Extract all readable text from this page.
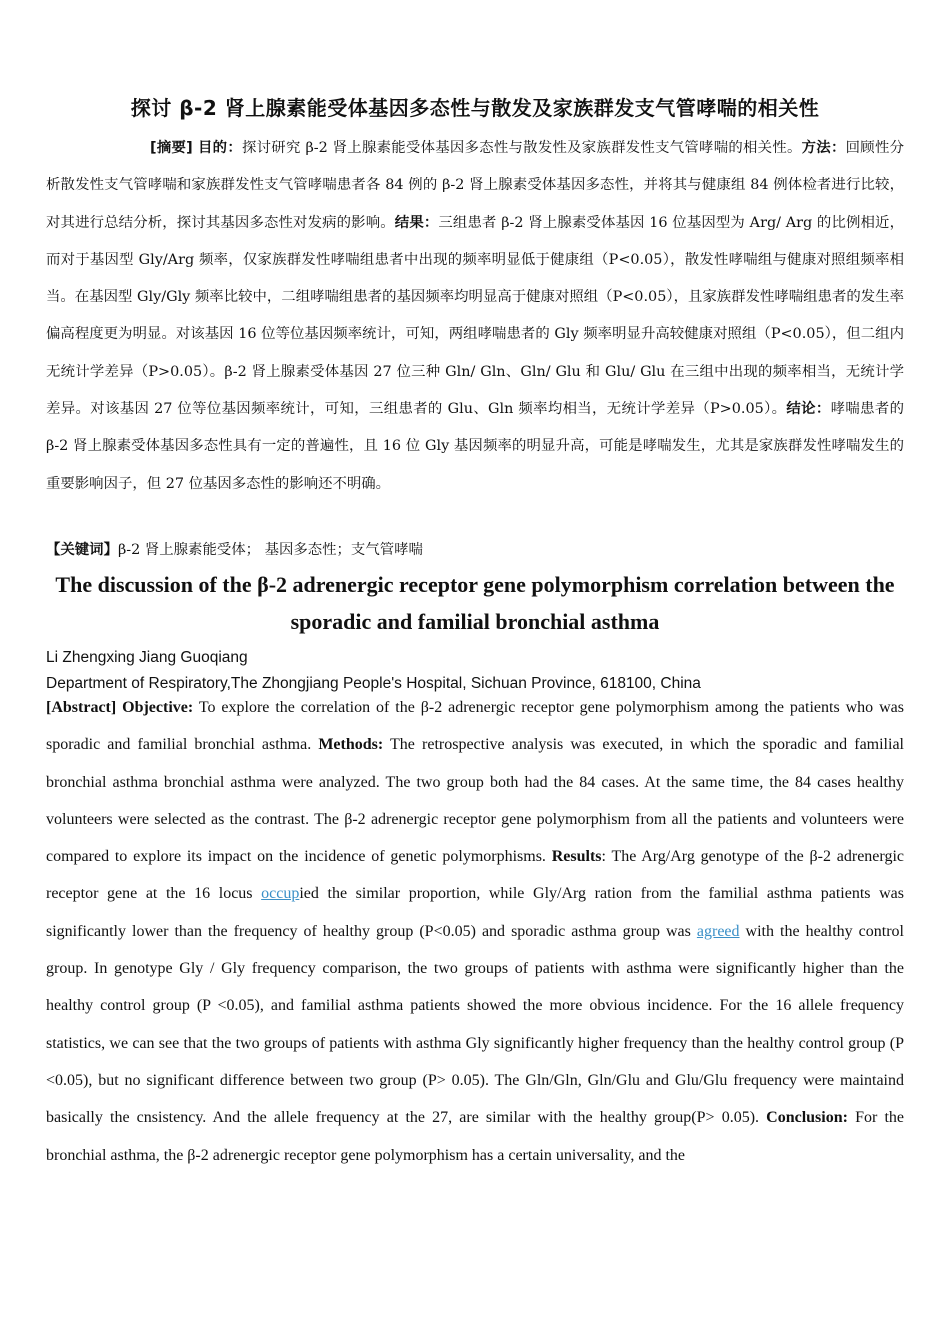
探讨 β-2 肾上腺素能受体基因多态性与散发及家族群发支气管哮喘的相关性
[摘要] 目的：探讨研究 β-2 肾上腺素能受体基因多态性与散发性及家族群发性支气管哮喘的相关性。方法：回顾性分析散发性支气管哮喘和家族群发性支气管哮喘患者各 84 例的 β-2 肾上腺素受体基因多态性，并将其与健康组 84 例体检者进行比较，对其进行总结分析，探讨其基因多态性对发病的影响。结果：三组患者 β-2 肾上腺素受体基因 16 位基因型为 Arg/ Arg 的比例相近，而对于基因型 Gly/Arg 频率，仅家族群发性哮喘组患者中出现的频率明显低于健康组（P<0.05），散发性哮喘组与健康对照组频率相当。在基因型 Gly/Gly 频率比较中，二组哮喘组患者的基因频率均明显高于健康对照组（P<0.05），且家族群发性哮喘组患者的发生率偏高程度更为明显。对该基因 16 位等位基因频率统计，可知，两组哮喘患者的 Gly 频率明显升高较健康对照组（P<0.05），但二组内无统计学差异（P>0.05）。β-2 肾上腺素受体基因 27 位三种 Gln/ Gln、Gln/ Glu 和 Glu/ Glu 在三组中出现的频率相当，无统计学差异。对该基因 27 位等位基因频率统计，可知，三组患者的 Glu、Gln 频率均相当，无统计学差异（P>0.05）。结论：哮喘患者的 β-2 肾上腺素受体基因多态性具有一定的普遍性，且 16 位 Gly 基因频率的明显升高，可能是哮喘发生，尤其是家族群发性哮喘发生的重要影响因子，但 27 位基因多态性的影响还不明确。
【关键词】β-2 肾上腺素能受体； 基因多态性；支气管哮喘
The discussion of the β-2 adrenergic receptor gene polymorphism correlation between the sporadic and familial bronchial asthma
Li Zhengxing Jiang Guoqiang
Department of Respiratory,The Zhongjiang People's Hospital, Sichuan Province, 618100, China
[Abstract] Objective: To explore the correlation of the β-2 adrenergic receptor gene polymorphism among the patients who was sporadic and familial bronchial asthma. Methods: The retrospective analysis was executed, in which the sporadic and familial bronchial asthma bronchial asthma were analyzed. The two group both had the 84 cases. At the same time, the 84 cases healthy volunteers were selected as the contrast. The β-2 adrenergic receptor gene polymorphism from all the patients and volunteers were compared to explore its impact on the incidence of genetic polymorphisms. Results: The Arg/Arg genotype of the β-2 adrenergic receptor gene at the 16 locus occupied the similar proportion, while Gly/Arg ration from the familial asthma patients was significantly lower than the frequency of healthy group (P<0.05) and sporadic asthma group was agreed with the healthy control group. In genotype Gly / Gly frequency comparison, the two groups of patients with asthma were significantly higher than the healthy control group (P <0.05), and familial asthma patients showed the more obvious incidence. For the 16 allele frequency statistics, we can see that the two groups of patients with asthma Gly significantly higher frequency than the healthy control group (P <0.05), but no significant difference between two group (P> 0.05). The Gln/Gln, Gln/Glu and Glu/Glu frequency were maintaind basically the cnsistency. And the allele frequency at the 27, are similar with the healthy group(P> 0.05). Conclusion: For the bronchial asthma, the β-2 adrenergic receptor gene polymorphism has a certain universality, and the
